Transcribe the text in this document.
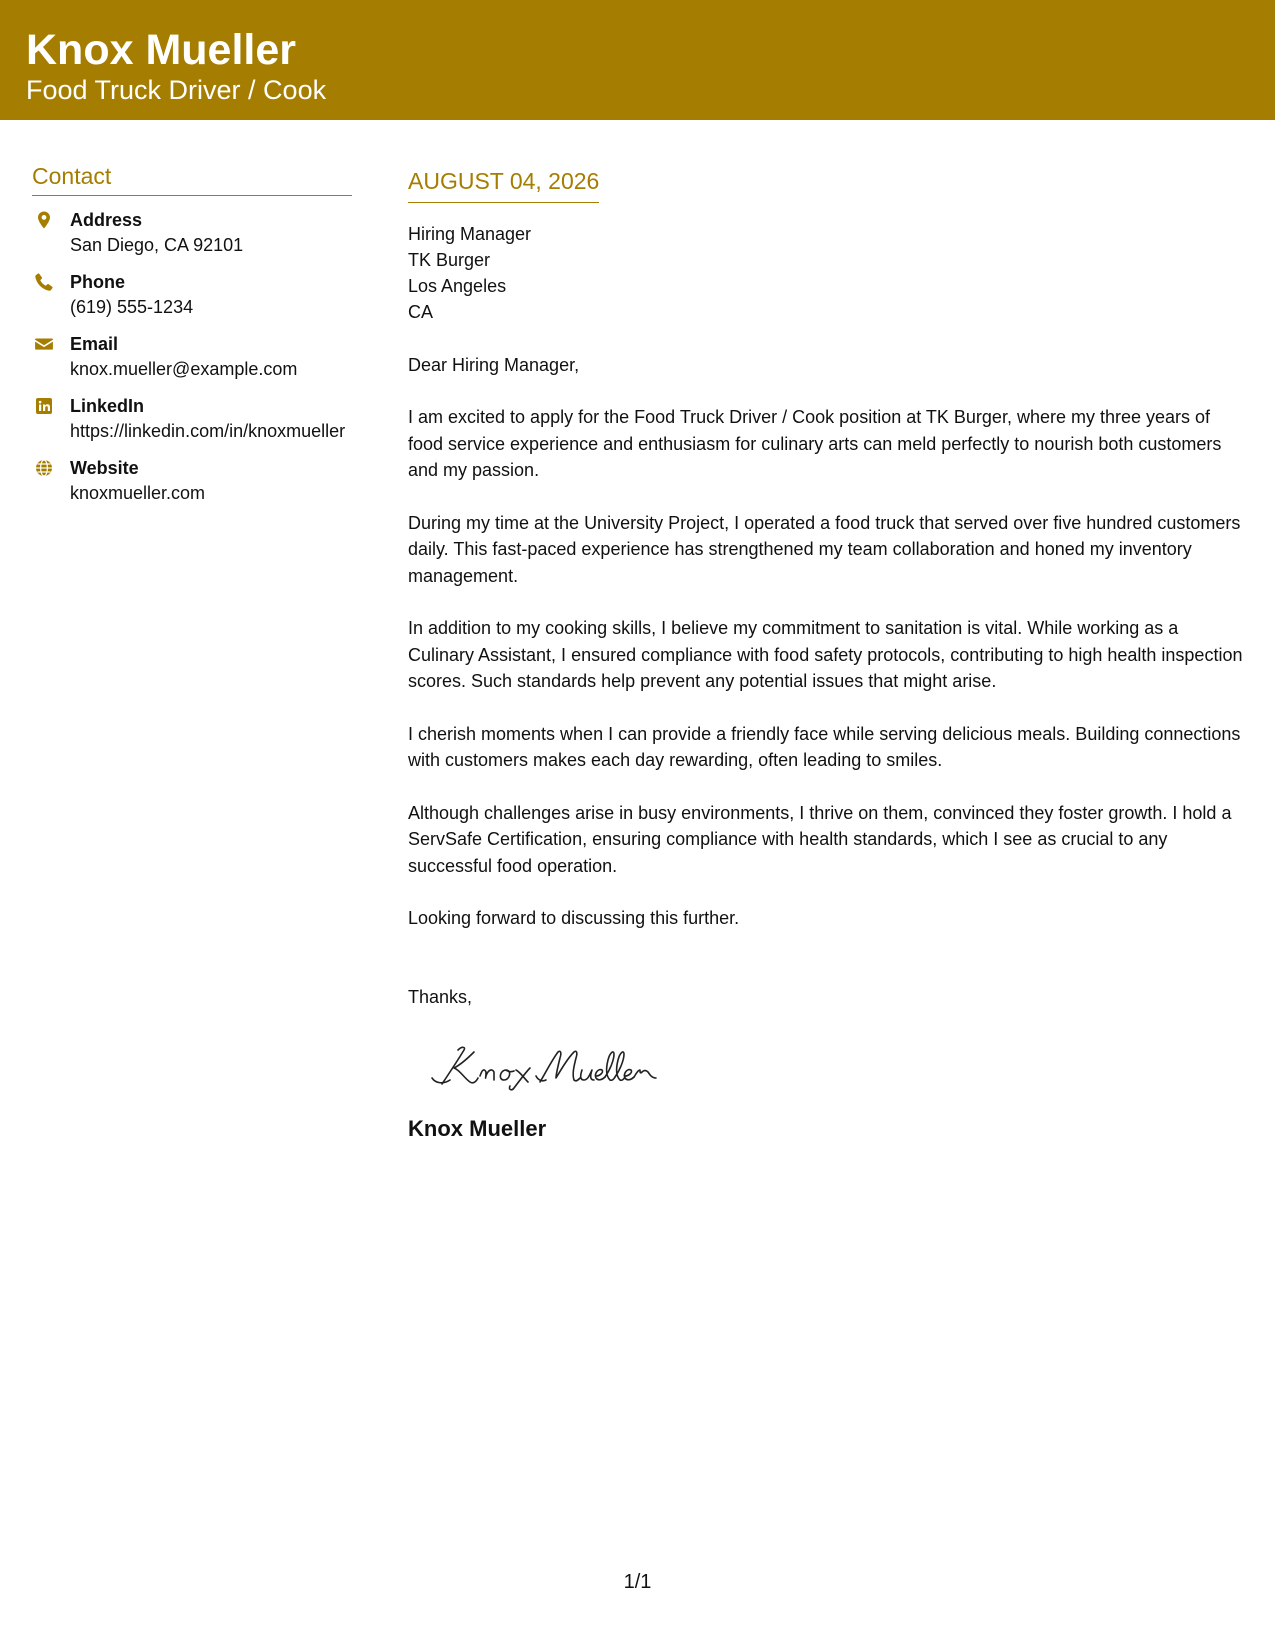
Knox Mueller
Food Truck Driver / Cook
Contact
Address
San Diego, CA 92101
Phone
(619) 555-1234
Email
knox.mueller@example.com
LinkedIn
https://linkedin.com/in/knoxmueller
Website
knoxmueller.com
AUGUST 04, 2026
Hiring Manager
TK Burger
Los Angeles
CA
Dear Hiring Manager,

I am excited to apply for the Food Truck Driver / Cook position at TK Burger, where my three years of food service experience and enthusiasm for culinary arts can meld perfectly to nourish both customers and my passion.

During my time at the University Project, I operated a food truck that served over five hundred customers daily. This fast-paced experience has strengthened my team collaboration and honed my inventory management.

In addition to my cooking skills, I believe my commitment to sanitation is vital. While working as a Culinary Assistant, I ensured compliance with food safety protocols, contributing to high health inspection scores. Such standards help prevent any potential issues that might arise.

I cherish moments when I can provide a friendly face while serving delicious meals. Building connections with customers makes each day rewarding, often leading to smiles.

Although challenges arise in busy environments, I thrive on them, convinced they foster growth. I hold a ServSafe Certification, ensuring compliance with health standards, which I see as crucial to any successful food operation.

Looking forward to discussing this further.

Thanks,
Knox Mueller
1/1
